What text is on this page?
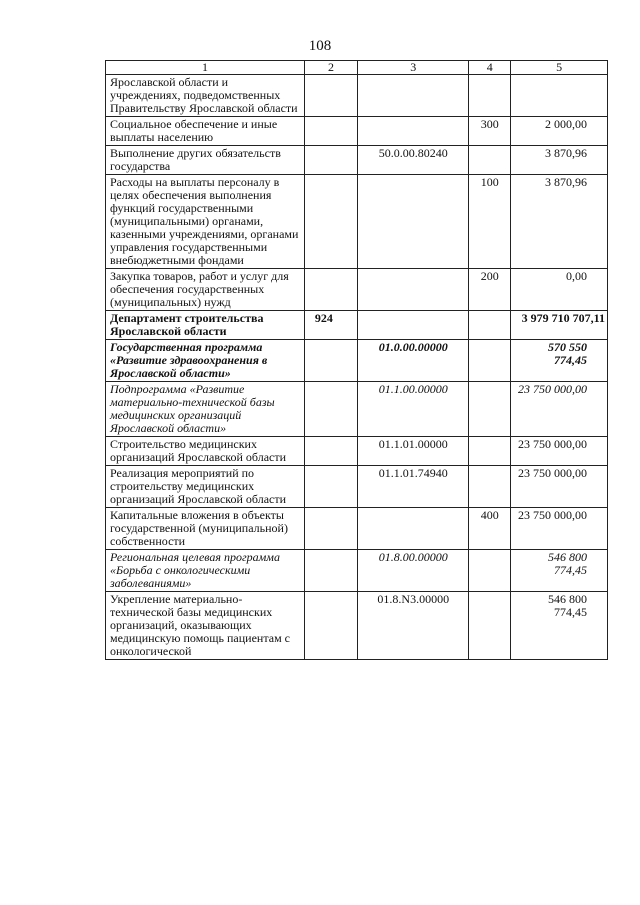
108
1	2	3	4	5
Ярославской области и учреждениях, подведомственных Правительству Ярославской области				
Социальное обеспечение и иные выплаты населению			300	2 000,00
Выполнение других обязательств государства		50.0.00.80240		3 870,96
Расходы на выплаты персоналу в целях обеспечения выполнения функций государственными (муниципальными) органами, казенными учреждениями, органами управления государственными внебюджетными фондами			100	3 870,96
Закупка товаров, работ и услуг для обеспечения государственных (муниципальных) нужд			200	0,00
Департамент строительства Ярославской области	924			3 979 710 707,11
Государственная программа «Развитие здравоохранения в Ярославской области»		01.0.00.00000		570 550 774,45
Подпрограмма «Развитие материально-технической базы медицинских организаций Ярославской области»		01.1.00.00000		23 750 000,00
Строительство медицинских организаций Ярославской области		01.1.01.00000		23 750 000,00
Реализация мероприятий по строительству медицинских организаций Ярославской области		01.1.01.74940		23 750 000,00
Капитальные вложения в объекты государственной (муниципальной) собственности			400	23 750 000,00
Региональная целевая программа «Борьба с онкологическими заболеваниями»		01.8.00.00000		546 800 774,45
Укрепление материально-технической базы медицинских организаций, оказывающих медицинскую помощь пациентам с онкологической		01.8.N3.00000		546 800 774,45
